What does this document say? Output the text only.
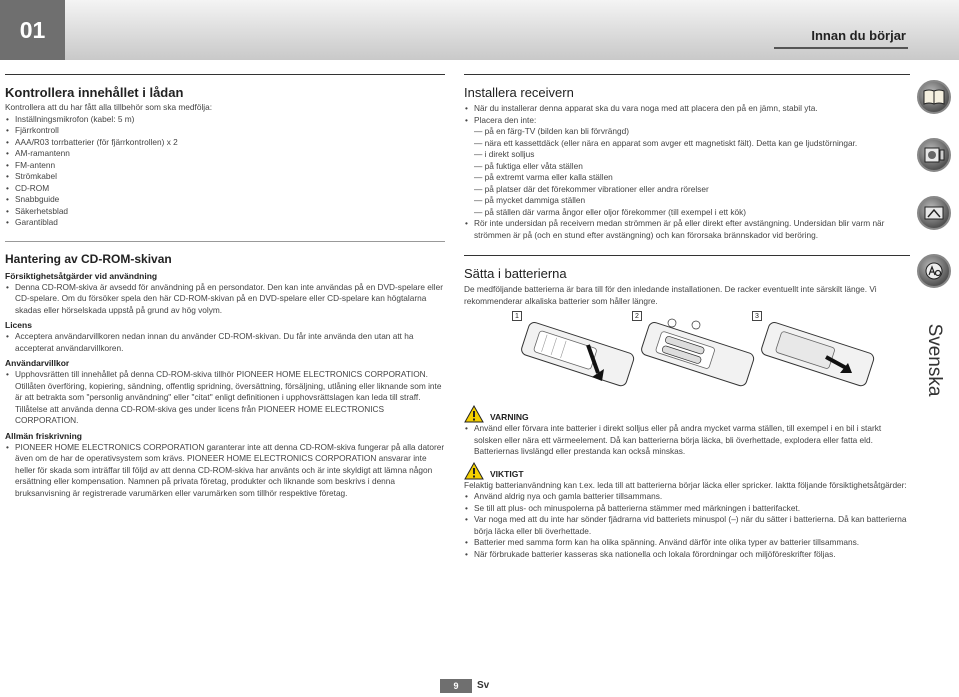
01	Innan du börjar
Kontrollera innehållet i lådan

Kontrollera att du har fått alla tillbehör som ska medfölja:

• Inställningsmikrofon (kabel: 5 m)
• Fjärrkontroll
• AAA/R03 torrbatterier (för fjärrkontrollen) x 2
• AM-ramantenn
• FM-antenn
• Strömkabel
• CD-ROM
• Snabbguide
• Säkerhetsblad
• Garantiblad
Hantering av CD-ROM-skivan
Försiktighetsåtgärder vid användning
• Denna CD-ROM-skiva är avsedd för användning på en persondator. Den kan inte användas på en DVD-spelare eller CD-spelare. Om du försöker spela den här CD-ROM-skivan på en DVD-spelare eller CD-spelare kan högtalarna skadas eller hörselskada uppstå på grund av hög volym.
Licens
• Acceptera användarvillkoren nedan innan du använder CD-ROM-skivan. Du får inte använda den utan att ha accepterat användarvillkoren.
Användarvillkor
• Upphovsrätten till innehållet på denna CD-ROM-skiva tillhör PIONEER HOME ELECTRONICS CORPORATION. Otillåten överföring, kopiering, sändning, offentlig spridning, översättning, försäljning, utlåning eller liknande som inte är att betrakta som "personlig användning" eller "citat" enligt definitionen i upphovsrättslagen kan leda till straff. Tillåtelse att använda denna CD-ROM-skiva ges under licens från PIONEER HOME ELECTRONICS CORPORATION.
Allmän friskrivning
• PIONEER HOME ELECTRONICS CORPORATION garanterar inte att denna CD-ROM-skiva fungerar på alla datorer även om de har de operativsystem som krävs. PIONEER HOME ELECTRONICS CORPORATION ansvarar inte heller för skada som inträffar till följd av att denna CD-ROM-skiva har använts och är inte skyldigt att lämna någon ersättning eller kompensation. Namnen på privata företag, produkter och liknande som beskrivs i denna bruksanvisning är registrerade varumärken eller varumärken som tillhör respektive företag.
Installera receivern
• När du installerar denna apparat ska du vara noga med att placera den på en jämn, stabil yta.
• Placera den inte:
— på en färg-TV (bilden kan bli förvrängd)
— nära ett kassettdäck (eller nära en apparat som avger ett magnetiskt fält). Detta kan ge ljudstörningar.
— i direkt solljus
— på fuktiga eller våta ställen
— på extremt varma eller kalla ställen
— på platser där det förekommer vibrationer eller andra rörelser
— på mycket dammiga ställen
— på ställen där varma ångor eller oljor förekommer (till exempel i ett kök)
• Rör inte undersidan på receivern medan strömmen är på eller direkt efter avstängning. Undersidan blir varm när strömmen är på (och en stund efter avstängning) och kan förorsaka brännskador vid beröring.
Sätta i batterierna

De medföljande batterierna är bara till för den inledande installationen. De racker eventuellt inte särskilt länge. Vi rekommenderar alkaliska batterier som håller längre.

1	2	3
VARNING
• Använd eller förvara inte batterier i direkt solljus eller på andra mycket varma ställen, till exempel i en bil i starkt solsken eller nära ett värmeelement. Då kan batterierna börja läcka, bli överhettade, explodera eller fatta eld. Batteriernas livslängd eller prestanda kan också minskas.
VIKTIGT

Felaktig batterianvändning kan t.ex. leda till att batterierna börjar läcka eller spricker. Iaktta följande försiktighetsåtgärder:

• Använd aldrig nya och gamla batterier tillsammans.
• Se till att plus- och minuspolerna på batterierna stämmer med märkningen i batterifacket.
• Var noga med att du inte har sönder fjädrarna vid batteriets minuspol (–) när du sätter i batterierna. Då kan batterierna börja läcka eller bli överhettade.
• Batterier med samma form kan ha olika spänning. Använd därför inte olika typer av batterier tillsammans.
• När förbrukade batterier kasseras ska nationella och lokala förordningar och miljöföreskrifter följas.
Svenska
9	Sv
